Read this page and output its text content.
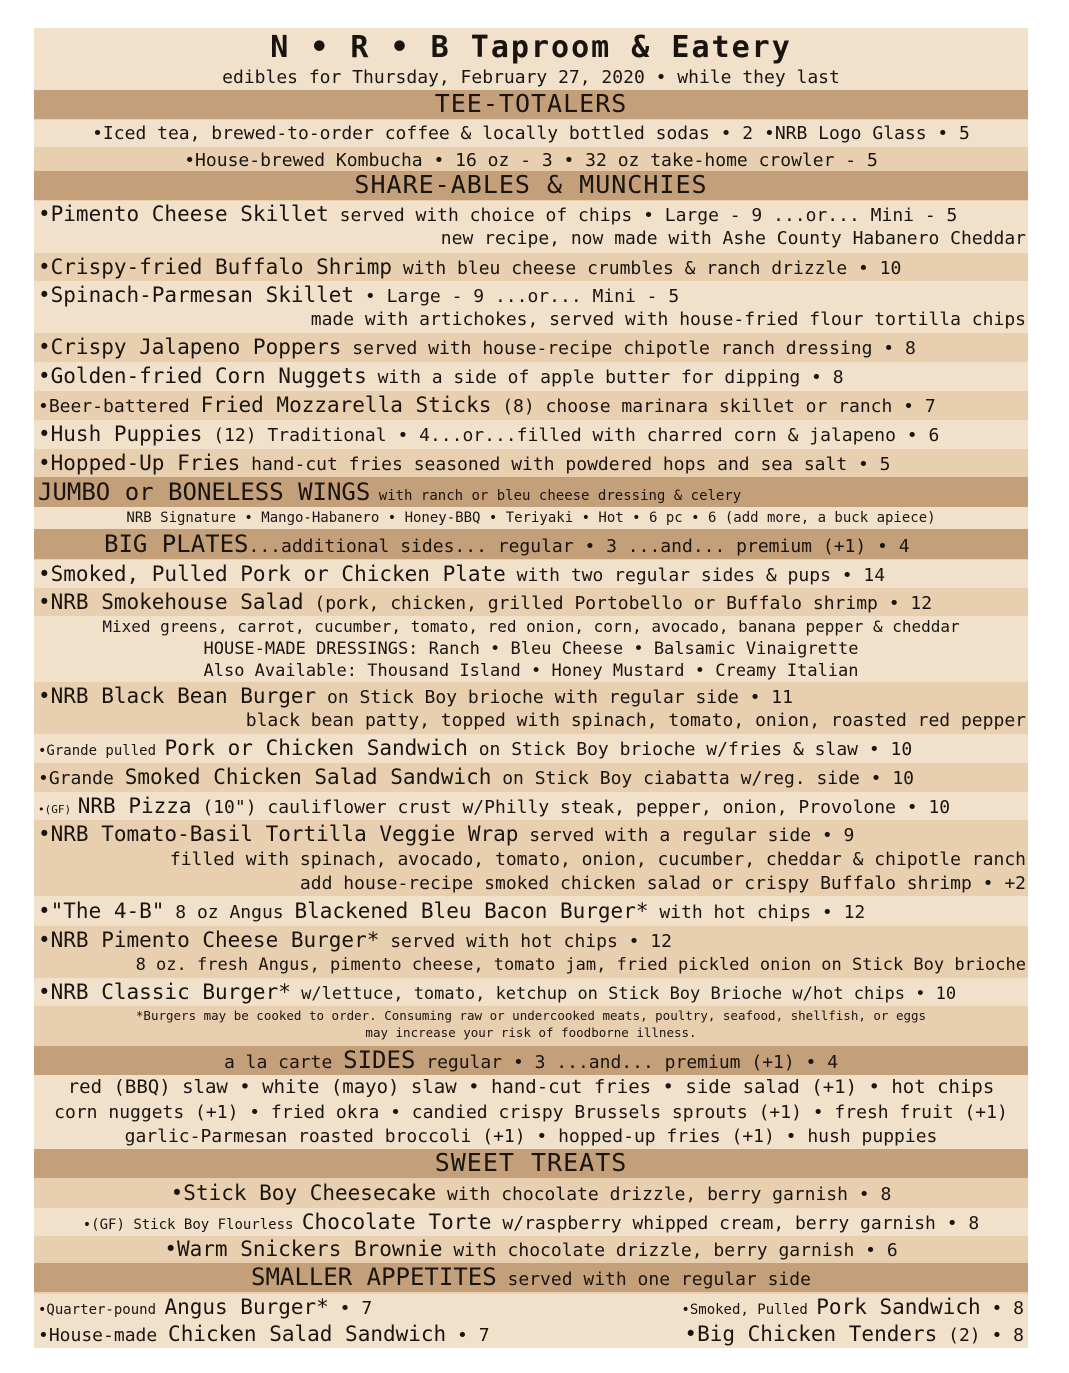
N • R • B Taproom & Eatery
edibles for Thursday, February 27, 2020 • while they last
TEE-TOTALERS
•Iced tea, brewed-to-order coffee & locally bottled sodas • 2 •NRB Logo Glass • 5
•House-brewed Kombucha • 16 oz - 3 • 32 oz take-home crowler - 5
SHARE-ABLES & MUNCHIES
•Pimento Cheese Skillet served with choice of chips • Large - 9 ...or... Mini - 5
new recipe, now made with Ashe County Habanero Cheddar
•Crispy-fried Buffalo Shrimp with bleu cheese crumbles & ranch drizzle • 10
•Spinach-Parmesan Skillet • Large - 9 ...or... Mini - 5
made with artichokes, served with house-fried flour tortilla chips
•Crispy Jalapeno Poppers served with house-recipe chipotle ranch dressing • 8
•Golden-fried Corn Nuggets with a side of apple butter for dipping • 8
•Beer-battered Fried Mozzarella Sticks (8) choose marinara skillet or ranch • 7
•Hush Puppies (12) Traditional • 4...or...filled with charred corn & jalapeno • 6
•Hopped-Up Fries hand-cut fries seasoned with powdered hops and sea salt • 5
JUMBO or BONELESS WINGS with ranch or bleu cheese dressing & celery
NRB Signature • Mango-Habanero • Honey-BBQ • Teriyaki • Hot • 6 pc • 6 (add more, a buck apiece)
BIG PLATES...additional sides... regular • 3 ...and... premium (+1) • 4
•Smoked, Pulled Pork or Chicken Plate with two regular sides & pups • 14
•NRB Smokehouse Salad (pork, chicken, grilled Portobello or Buffalo shrimp • 12
Mixed greens, carrot, cucumber, tomato, red onion, corn, avocado, banana pepper & cheddar
HOUSE-MADE DRESSINGS: Ranch • Bleu Cheese • Balsamic Vinaigrette
Also Available: Thousand Island • Honey Mustard • Creamy Italian
•NRB Black Bean Burger on Stick Boy brioche with regular side • 11
black bean patty, topped with spinach, tomato, onion, roasted red pepper
•Grande pulled Pork or Chicken Sandwich on Stick Boy brioche w/fries & slaw • 10
•Grande Smoked Chicken Salad Sandwich on Stick Boy ciabatta w/reg. side • 10
•(GF) NRB Pizza (10") cauliflower crust w/Philly steak, pepper, onion, Provolone • 10
•NRB Tomato-Basil Tortilla Veggie Wrap served with a regular side • 9
filled with spinach, avocado, tomato, onion, cucumber, cheddar & chipotle ranch
add house-recipe smoked chicken salad or crispy Buffalo shrimp • +2
•"The 4-B" 8 oz Angus Blackened Bleu Bacon Burger* with hot chips • 12
•NRB Pimento Cheese Burger* served with hot chips • 12
8 oz. fresh Angus, pimento cheese, tomato jam, fried pickled onion on Stick Boy brioche
•NRB Classic Burger* w/lettuce, tomato, ketchup on Stick Boy Brioche w/hot chips • 10
*Burgers may be cooked to order. Consuming raw or undercooked meats, poultry, seafood, shellfish, or eggs
may increase your risk of foodborne illness.
a la carte SIDES regular • 3 ...and... premium (+1) • 4
red (BBQ) slaw • white (mayo) slaw • hand-cut fries • side salad (+1) • hot chips
corn nuggets (+1) • fried okra • candied crispy Brussels sprouts (+1) • fresh fruit (+1)
garlic-Parmesan roasted broccoli (+1) • hopped-up fries (+1) • hush puppies
SWEET TREATS
•Stick Boy Cheesecake with chocolate drizzle, berry garnish • 8
•(GF) Stick Boy Flourless Chocolate Torte w/raspberry whipped cream, berry garnish • 8
•Warm Snickers Brownie with chocolate drizzle, berry garnish • 6
SMALLER APPETITES served with one regular side
•Quarter-pound Angus Burger* • 7	•Smoked, Pulled Pork Sandwich • 8
•House-made Chicken Salad Sandwich • 7	•Big Chicken Tenders (2) • 8
